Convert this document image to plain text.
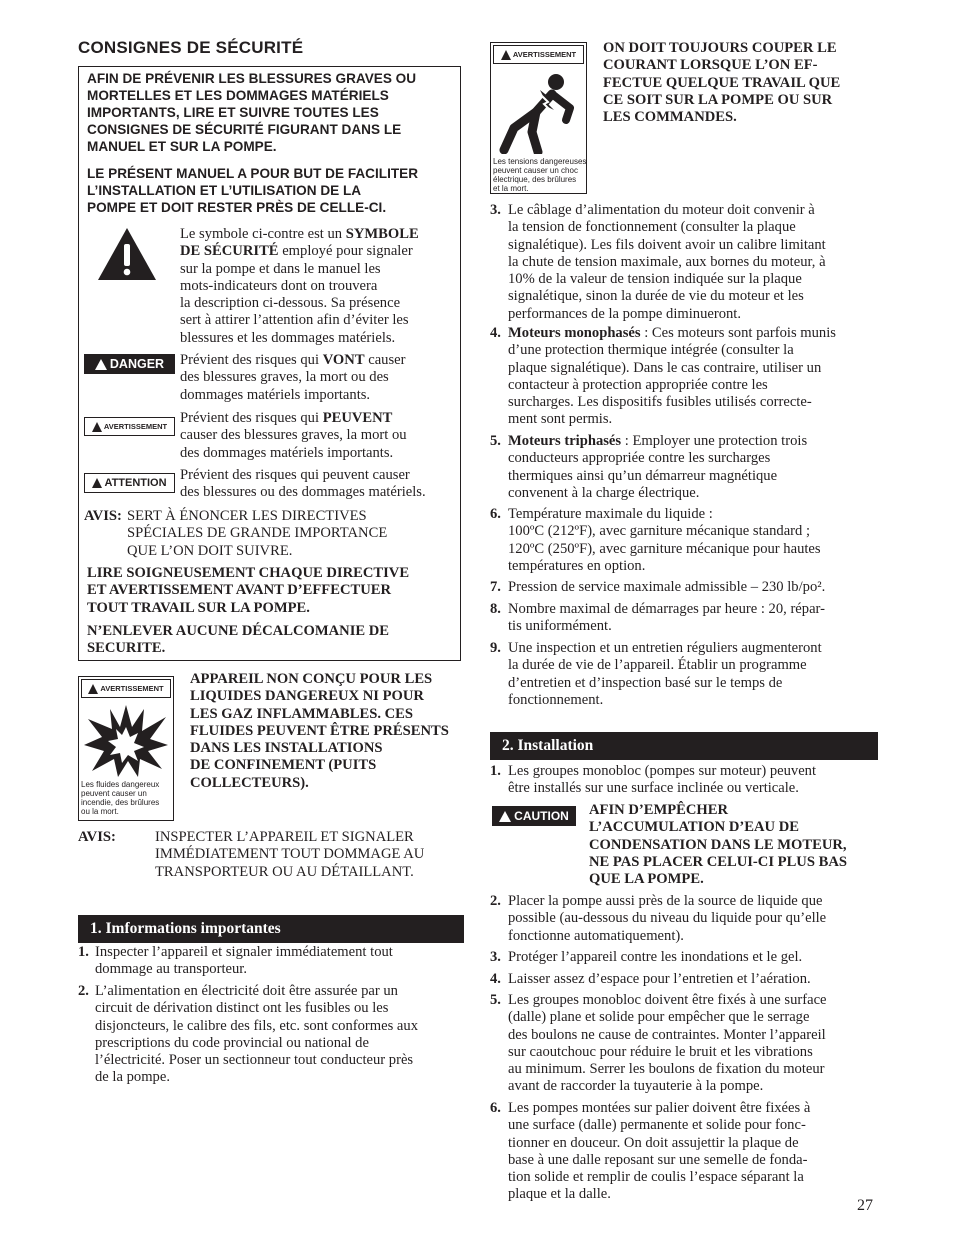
CONSIGNES DE SÉCURITÉ
AFIN DE PRÉVENIR LES BLESSURES GRAVES OU
MORTELLES ET LES DOMMAGES MATÉRIELS
IMPORTANTS, LIRE ET SUIVRE TOUTES LES
CONSIGNES DE SÉCURITÉ FIGURANT DANS LE
MANUEL ET SUR LA POMPE.
LE PRÉSENT MANUEL A POUR BUT DE FACILITER
L’INSTALLATION ET L’UTILISATION DE LA
POMPE ET DOIT RESTER PRÈS DE CELLE-CI.
Le symbole ci-contre est un SYMBOLE
DE SÉCURITÉ employé pour signaler
sur la pompe et dans le manuel les
mots-indicateurs dont on trouvera
la description ci-dessous. Sa présence
sert à attirer l’attention afin d’éviter les
blessures et les dommages matériels.
DANGER Prévient des risques qui VONT causer
des blessures graves, la mort ou des
dommages matériels importants.
AVERTISSEMENT
Prévient des risques qui PEUVENT
causer des blessures graves, la mort ou
des dommages matériels importants.
ATTENTION Prévient des risques qui peuvent causer
des blessures ou des dommages matériels.
AVIS: SERT À ÉNONCER LES DIRECTIVES
SPÉCIALES DE GRANDE IMPORTANCE
QUE L’ON DOIT SUIVRE.
LIRE SOIGNEUSEMENT CHAQUE DIRECTIVE
ET AVERTISSEMENT AVANT D’EFFECTUER
TOUT TRAVAIL SUR LA POMPE.
N’ENLEVER AUCUNE DÉCALCOMANIE DE
SECURITE.
AVERTISSEMENT
Les fluides dangereux
peuvent causer un
incendie, des brûlures
ou la mort.
APPAREIL NON CONÇU POUR LES
LIQUIDES DANGEREUX NI POUR
LES GAZ INFLAMMABLES. CES
FLUIDES PEUVENT ÊTRE PRÉSENTS
DANS LES INSTALLATIONS
DE CONFINEMENT (PUITS
COLLECTEURS).
AVIS:	INSPECTER L’APPAREIL ET SIGNALER
IMMÉDIATEMENT TOUT DOMMAGE AU
TRANSPORTEUR OU AU DÉTAILLANT.
1. Imformations importantes
1. Inspecter l’appareil et signaler immédiatement tout
dommage au transporteur.
2. L’alimentation en électricité doit être assurée par un
circuit de dérivation distinct ont les fusibles ou les
disjoncteurs, le calibre des fils, etc. sont conformes aux
prescriptions du code provincial ou national de
l’électricité. Poser un sectionneur tout conducteur près
de la pompe.
AVERTISSEMENT
Les tensions dangereuses
peuvent causer un choc
électrique, des brûlures
et la mort.
ON DOIT TOUJOURS COUPER LE
COURANT LORSQUE L’ON EF-
FECTUE QUELQUE TRAVAIL QUE
CE SOIT SUR LA POMPE OU SUR
LES COMMANDES.
3. Le câblage d’alimentation du moteur doit convenir à
la tension de fonctionnement (consulter la plaque
signalétique). Les fils doivent avoir un calibre limitant
la chute de tension maximale, aux bornes du moteur, à
10% de la valeur de tension indiquée sur la plaque
signalétique, sinon la durée de vie du moteur et les
performances de la pompe diminueront.
4. Moteurs monophasés : Ces moteurs sont parfois munis
d’une protection thermique intégrée (consulter la
plaque signalétique). Dans le cas contraire, utiliser un
contacteur à protection appropriée contre les
surcharges. Les dispositifs fusibles utilisés correcte-
ment sont permis.
5. Moteurs triphasés : Employer une protection trois
conducteurs appropriée contre les surcharges
thermiques ainsi qu’un démarreur magnétique
convenent à la charge électrique.
6. Température maximale du liquide :
100ºC (212ºF), avec garniture mécanique standard ;
120ºC (250ºF), avec garniture mécanique pour hautes
températures en option.
7. Pression de service maximale admissible – 230 lb/po².
8. Nombre maximal de démarrages par heure : 20, répar-
tis uniformément.
9. Une inspection et un entretien réguliers augmenteront
la durée de vie de l’appareil. Établir un programme
d’entretien et d’inspection basé sur le temps de
fonctionnement.
2. Installation
1. Les groupes monobloc (pompes sur moteur) peuvent
être installés sur une surface inclinée ou verticale.
CAUTION AFIN D’EMPÊCHER
L’ACCUMULATION D’EAU DE
CONDENSATION DANS LE MOTEUR,
NE PAS PLACER CELUI-CI PLUS BAS
QUE LA POMPE.
2. Placer la pompe aussi près de la source de liquide que
possible (au-dessous du niveau du liquide pour qu’elle
fonctionne automatiquement).
3. Protéger l’appareil contre les inondations et le gel.
4. Laisser assez d’espace pour l’entretien et l’aération.
5. Les groupes monobloc doivent être fixés à une surface
(dalle) plane et solide pour empêcher que le serrage
des boulons ne cause de contraintes. Monter l’appareil
sur caoutchouc pour réduire le bruit et les vibrations
au minimum. Serrer les boulons de fixation du moteur
avant de raccorder la tuyauterie à la pompe.
6. Les pompes montées sur palier doivent être fixées à
une surface (dalle) permanente et solide pour fonc-
tionner en douceur. On doit assujettir la plaque de
base à une dalle reposant sur une semelle de fonda-
tion solide et remplir de coulis l’espace séparant la
plaque et la dalle.
27
